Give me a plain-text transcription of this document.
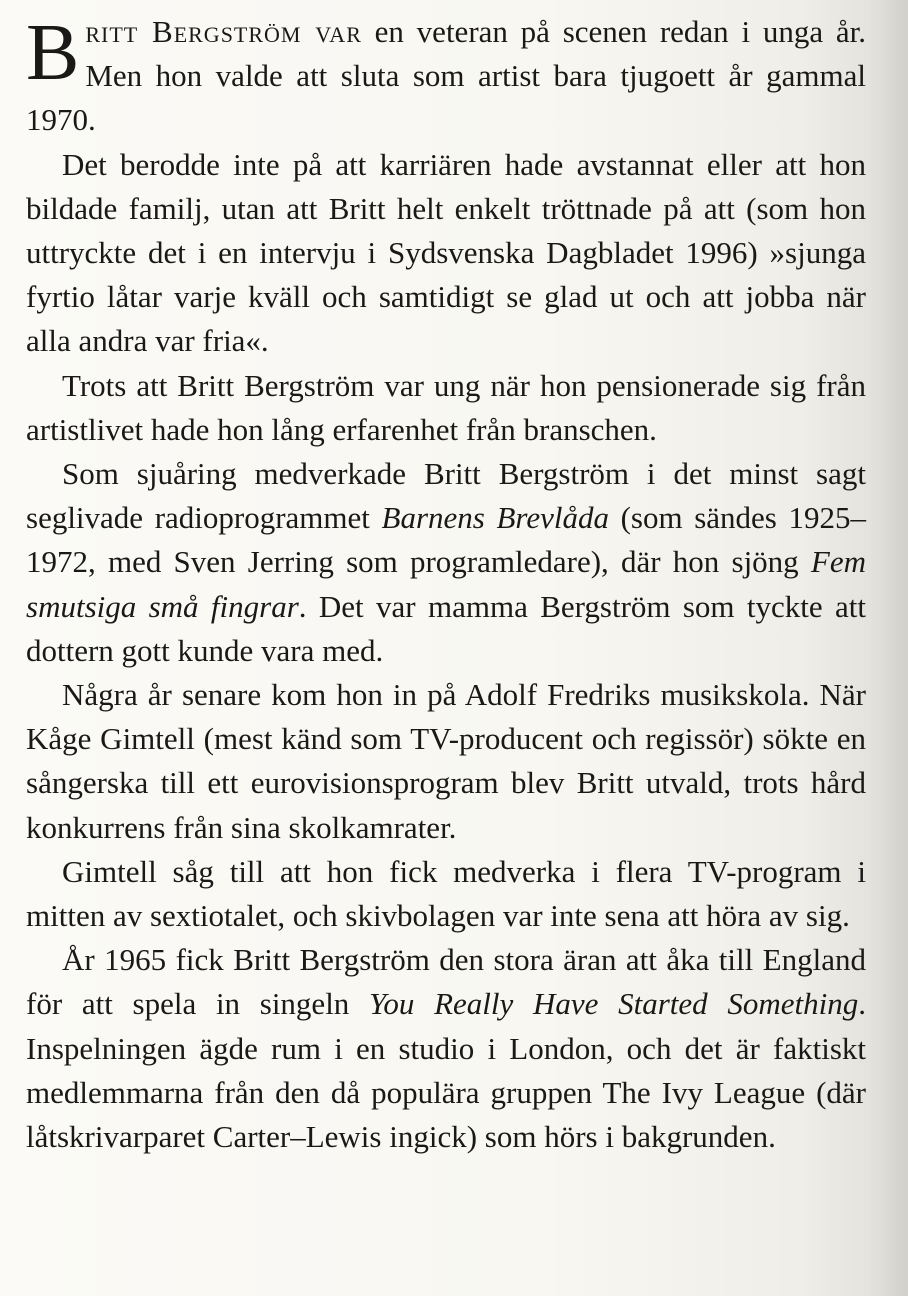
Britt Bergström var en veteran på scenen redan i unga år. Men hon valde att sluta som artist bara tjugoett år gammal 1970.

Det berodde inte på att karriären hade avstannat eller att hon bildade familj, utan att Britt helt enkelt tröttnade på att (som hon uttryckte det i en intervju i Sydsvenska Dagbladet 1996) »sjunga fyrtio låtar varje kväll och samtidigt se glad ut och att jobba när alla andra var fria«.

Trots att Britt Bergström var ung när hon pensionerade sig från artistlivet hade hon lång erfarenhet från branschen.

Som sjuåring medverkade Britt Bergström i det minst sagt seglivade radioprogrammet Barnens Brevlåda (som sändes 1925–1972, med Sven Jerring som programledare), där hon sjöng Fem smutsiga små fingrar. Det var mamma Bergström som tyckte att dottern gott kunde vara med.

Några år senare kom hon in på Adolf Fredriks musikskola. När Kåge Gimtell (mest känd som TV-producent och regissör) sökte en sångerska till ett eurovisionsprogram blev Britt utvald, trots hård konkurrens från sina skolkamrater.

Gimtell såg till att hon fick medverka i flera TV-program i mitten av sextiotalet, och skivbolagen var inte sena att höra av sig.

År 1965 fick Britt Bergström den stora äran att åka till England för att spela in singeln You Really Have Started Something. Inspelningen ägde rum i en studio i London, och det är faktiskt medlemmarna från den då populära gruppen The Ivy League (där låtskrivarparet Carter–Lewis ingick) som hörs i bakgrunden.
